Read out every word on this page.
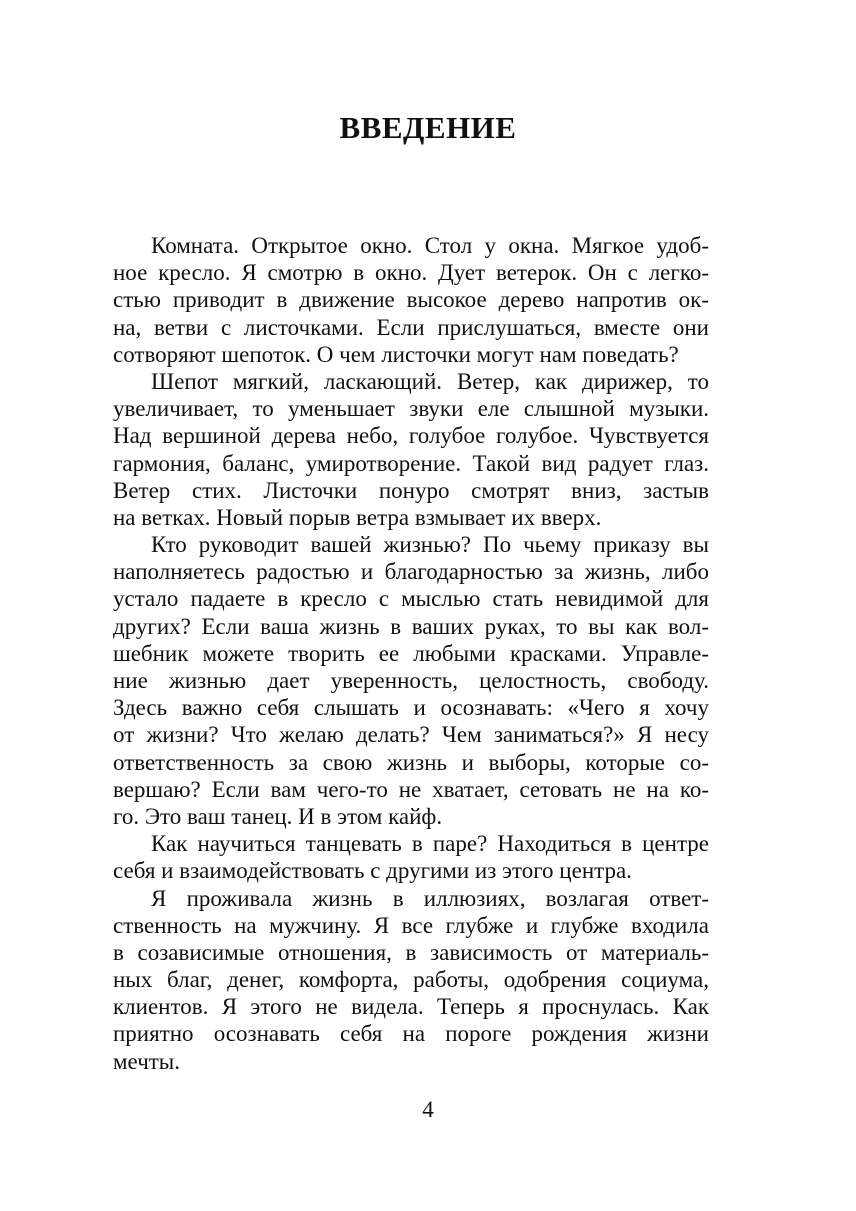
ВВЕДЕНИЕ
Комната. Открытое окно. Стол у окна. Мягкое удоб-
ное кресло. Я смотрю в окно. Дует ветерок. Он с легко-
стью приводит в движение высокое дерево напротив ок-
на, ветви с листочками. Если прислушаться, вместе они
сотворяют шепоток. О чем листочки могут нам поведать?
Шепот мягкий, ласкающий. Ветер, как дирижер, то
увеличивает, то уменьшает звуки еле слышной музыки.
Над вершиной дерева небо, голубое голубое. Чувствуется
гармония, баланс, умиротворение. Такой вид радует глаз.
Ветер стих. Листочки понуро смотрят вниз, застыв
на ветках. Новый порыв ветра взмывает их вверх.
Кто руководит вашей жизнью? По чьему приказу вы
наполняетесь радостью и благодарностью за жизнь, либо
устало падаете в кресло с мыслью стать невидимой для
других? Если ваша жизнь в ваших руках, то вы как вол-
шебник можете творить ее любыми красками. Управле-
ние жизнью дает уверенность, целостность, свободу.
Здесь важно себя слышать и осознавать: «Чего я хочу
от жизни? Что желаю делать? Чем заниматься?» Я несу
ответственность за свою жизнь и выборы, которые со-
вершаю? Если вам чего-то не хватает, сетовать не на ко-
го. Это ваш танец. И в этом кайф.
Как научиться танцевать в паре? Находиться в центре
себя и взаимодействовать с другими из этого центра.
Я проживала жизнь в иллюзиях, возлагая ответ-
ственность на мужчину. Я все глубже и глубже входила
в созависимые отношения, в зависимость от материаль-
ных благ, денег, комфорта, работы, одобрения социума,
клиентов. Я этого не видела. Теперь я проснулась. Как
приятно осознавать себя на пороге рождения жизни
мечты.
4
